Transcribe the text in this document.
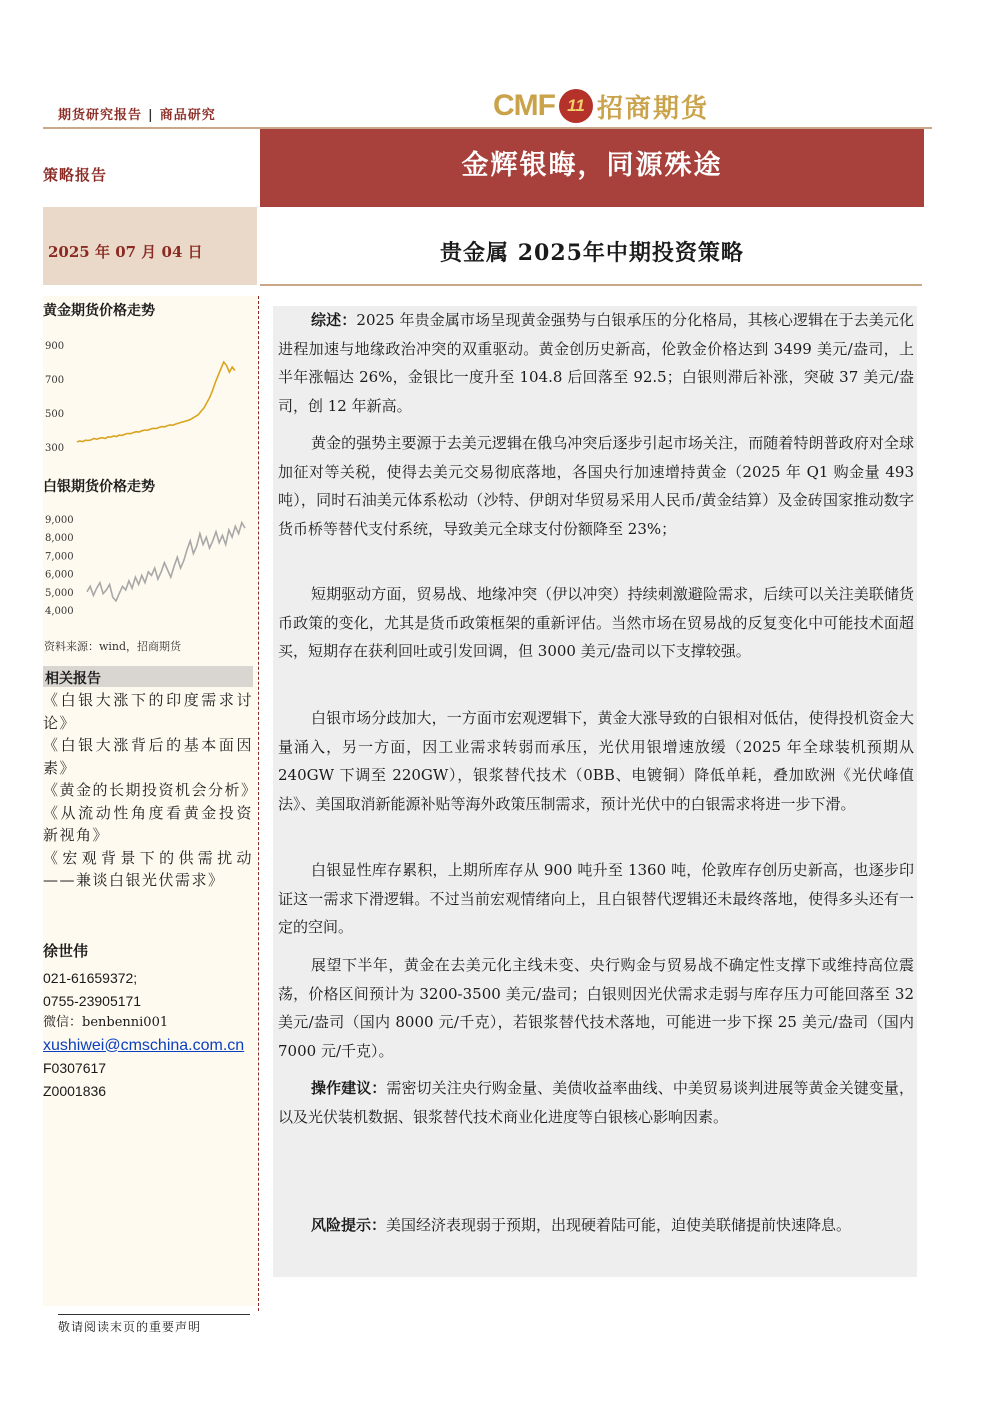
期货研究报告 | 商品研究	CMF 11 招商期货
策略报告	金辉银晦，同源殊途
2025 年 07 月 04 日	贵金属 2025年中期投资策略
黄金期货价格走势
900
700
500
300
白银期货价格走势
9,000
8,000
7,000
6,000
5,000
4,000
资料来源：wind，招商期货
相关报告
《白银大涨下的印度需求讨论》
《白银大涨背后的基本面因素》
《黄金的长期投资机会分析》
《从流动性角度看黄金投资新视角》
《宏观背景下的供需扰动——兼谈白银光伏需求》
徐世伟
021-61659372;
0755-23905171
微信：benbenni001
xushiwei@cmschina.com.cn
F0307617
Z0001836
综述：2025 年贵金属市场呈现黄金强势与白银承压的分化格局，其核心逻辑在于去美元化进程加速与地缘政治冲突的双重驱动。黄金创历史新高，伦敦金价格达到 3499 美元/盎司，上半年涨幅达 26%，金银比一度升至 104.8 后回落至 92.5；白银则滞后补涨，突破 37 美元/盎司，创 12 年新高。
黄金的强势主要源于去美元逻辑在俄乌冲突后逐步引起市场关注，而随着特朗普政府对全球加征对等关税，使得去美元交易彻底落地，各国央行加速增持黄金（2025 年 Q1 购金量 493 吨），同时石油美元体系松动（沙特、伊朗对华贸易采用人民币/黄金结算）及金砖国家推动数字货币桥等替代支付系统，导致美元全球支付份额降至 23%；
短期驱动方面，贸易战、地缘冲突（伊以冲突）持续刺激避险需求，后续可以关注美联储货币政策的变化，尤其是货币政策框架的重新评估。当然市场在贸易战的反复变化中可能技术面超买，短期存在获利回吐或引发回调，但 3000 美元/盎司以下支撑较强。
白银市场分歧加大，一方面市宏观逻辑下，黄金大涨导致的白银相对低估，使得投机资金大量涌入，另一方面，因工业需求转弱而承压，光伏用银增速放缓（2025 年全球装机预期从 240GW 下调至 220GW），银浆替代技术（0BB、电镀铜）降低单耗，叠加欧洲《光伏峰值法》、美国取消新能源补贴等海外政策压制需求，预计光伏中的白银需求将进一步下滑。
白银显性库存累积，上期所库存从 900 吨升至 1360 吨，伦敦库存创历史新高，也逐步印证这一需求下滑逻辑。不过当前宏观情绪向上，且白银替代逻辑还未最终落地，使得多头还有一定的空间。
展望下半年，黄金在去美元化主线未变、央行购金与贸易战不确定性支撑下或维持高位震荡，价格区间预计为 3200-3500 美元/盎司；白银则因光伏需求走弱与库存压力可能回落至 32 美元/盎司（国内 8000 元/千克），若银浆替代技术落地，可能进一步下探 25 美元/盎司（国内 7000 元/千克）。
操作建议：需密切关注央行购金量、美债收益率曲线、中美贸易谈判进展等黄金关键变量，以及光伏装机数据、银浆替代技术商业化进度等白银核心影响因素。
风险提示：美国经济表现弱于预期，出现硬着陆可能，迫使美联储提前快速降息。
敬请阅读末页的重要声明
